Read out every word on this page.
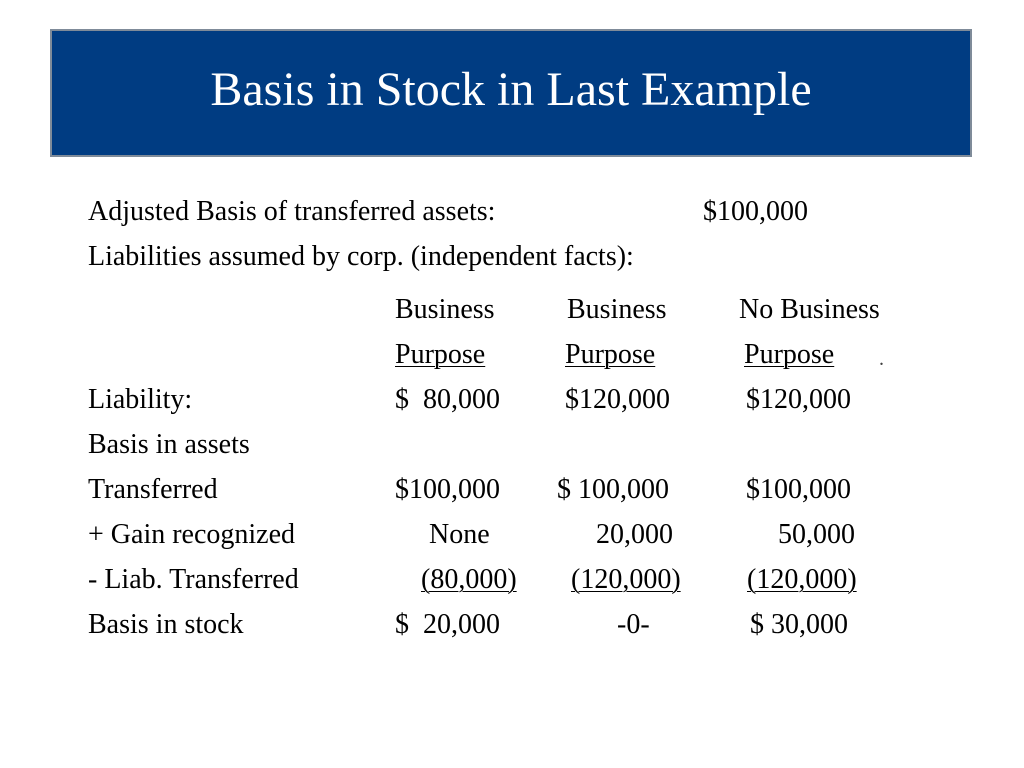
Basis in Stock in Last Example
Adjusted Basis of transferred assets:	$100,000
Liabilities assumed by corp. (independent facts):
Business	Business	No Business
Purpose	Purpose	Purpose .
Liability:	$  80,000 $120,000	$120,000
Basis in assets
Transferred	$100,000 $ 100,000	$100,000
+ Gain recognized	None	20,000	50,000
- Liab. Transferred	(80,000) (120,000) (120,000)
Basis in stock	$  20,000	-0-	$ 30,000
